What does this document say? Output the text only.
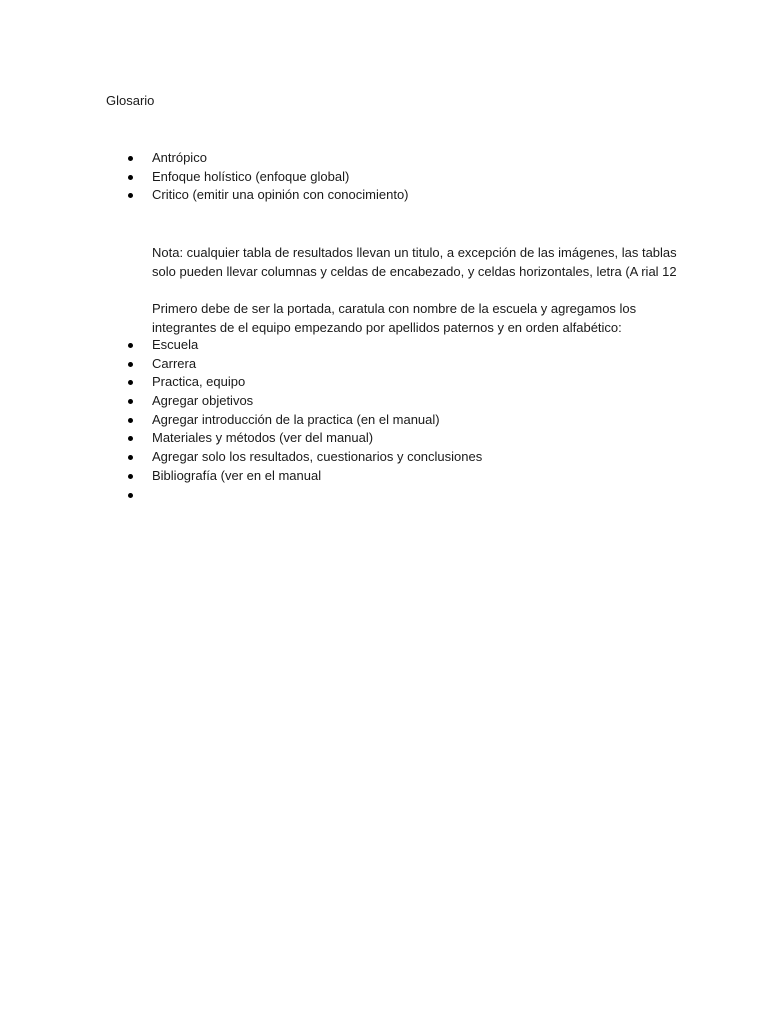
Glosario
Antrópico
Enfoque holístico (enfoque global)
Critico (emitir una opinión con conocimiento)
Nota: cualquier tabla de resultados llevan un titulo, a excepción de las imágenes, las tablas
solo pueden llevar columnas y celdas de encabezado, y celdas horizontales, letra (A rial 12
Primero debe de ser la portada, caratula con nombre de la escuela y agregamos los
integrantes de el equipo empezando por apellidos paternos y en orden alfabético:
Escuela
Carrera
Practica, equipo
Agregar objetivos
Agregar introducción de la practica (en el manual)
Materiales y métodos (ver del manual)
Agregar solo los resultados, cuestionarios y conclusiones
Bibliografía (ver en el manual
